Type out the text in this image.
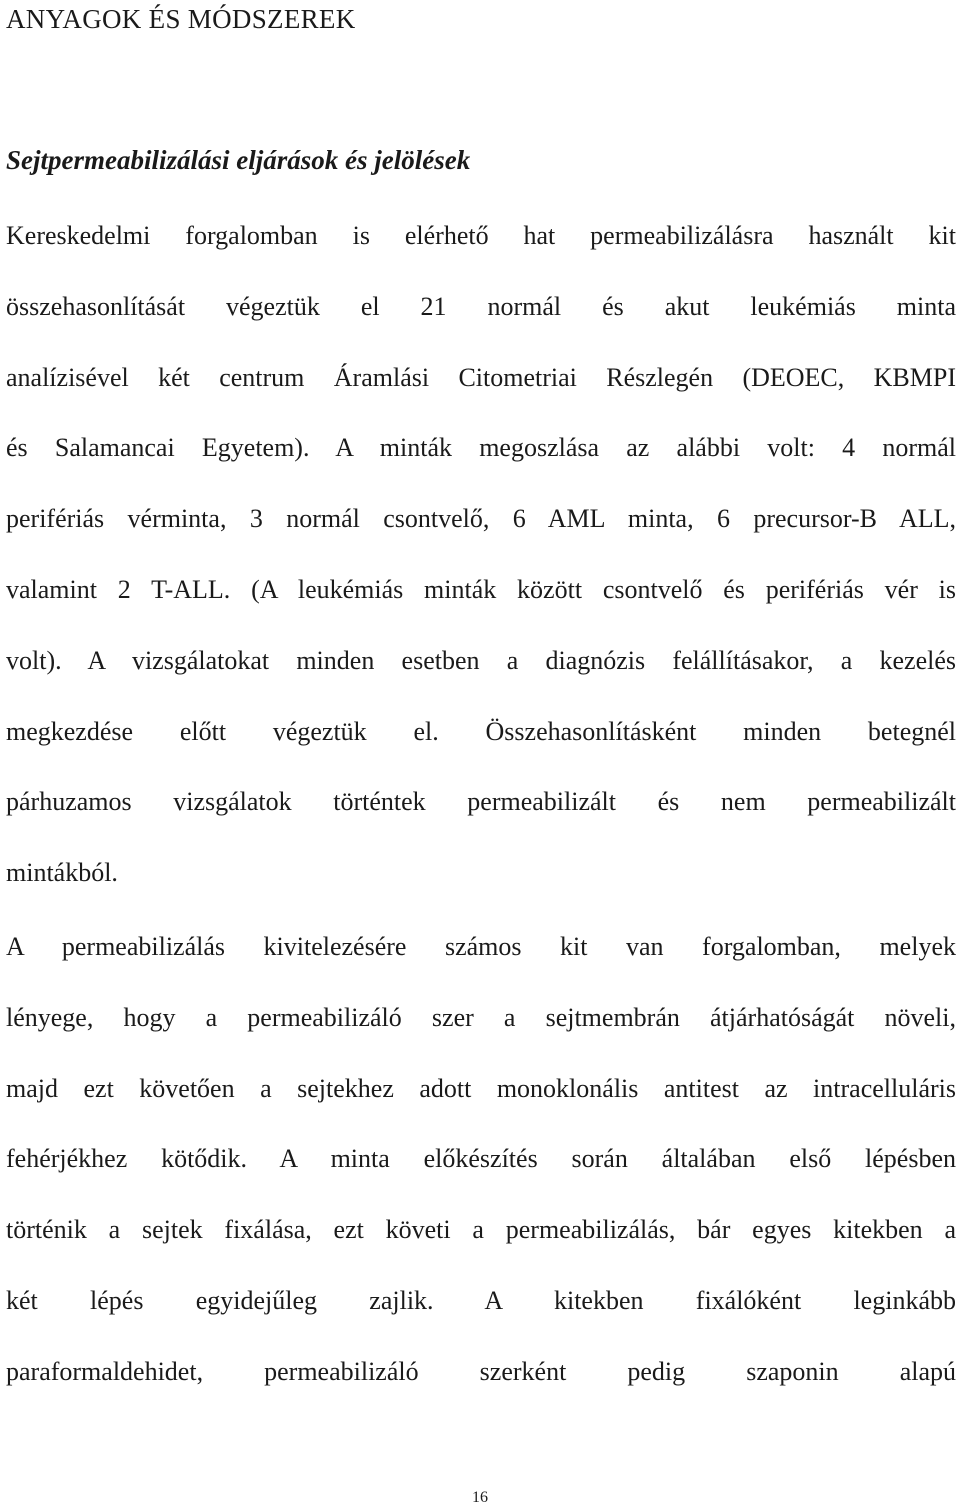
ANYAGOK ÉS MÓDSZEREK
Sejtpermeabilizálási eljárások és jelölések
Kereskedelmi forgalomban is elérhető hat permeabilizálásra használt kit
összehasonlítását végeztük el 21 normál és akut leukémiás minta
analízisével két centrum Áramlási Citometriai Részlegén (DEOEC, KBMPI
és Salamancai Egyetem). A minták megoszlása az alábbi volt: 4 normál
perifériás vérminta, 3 normál csontvelő, 6 AML minta, 6 precursor-B ALL,
valamint 2 T-ALL. (A leukémiás minták között csontvelő és perifériás vér is
volt). A vizsgálatokat minden esetben a diagnózis felállításakor, a kezelés
megkezdése előtt végeztük el. Összehasonlításként minden betegnél
párhuzamos vizsgálatok történtek permeabilizált és nem permeabilizált
mintákból.
A permeabilizálás kivitelezésére számos kit van forgalomban, melyek
lényege, hogy a permeabilizáló szer a sejtmembrán átjárhatóságát növeli,
majd ezt követően a sejtekhez adott monoklonális antitest az intracelluláris
fehérjékhez kötődik. A minta előkészítés során általában első lépésben
történik a sejtek fixálása, ezt követi a permeabilizálás, bár egyes kitekben a
két lépés egyidejűleg zajlik. A kitekben fixálóként leginkább
paraformaldehidet, permeabilizáló szerként pedig szaponin alapú

16
